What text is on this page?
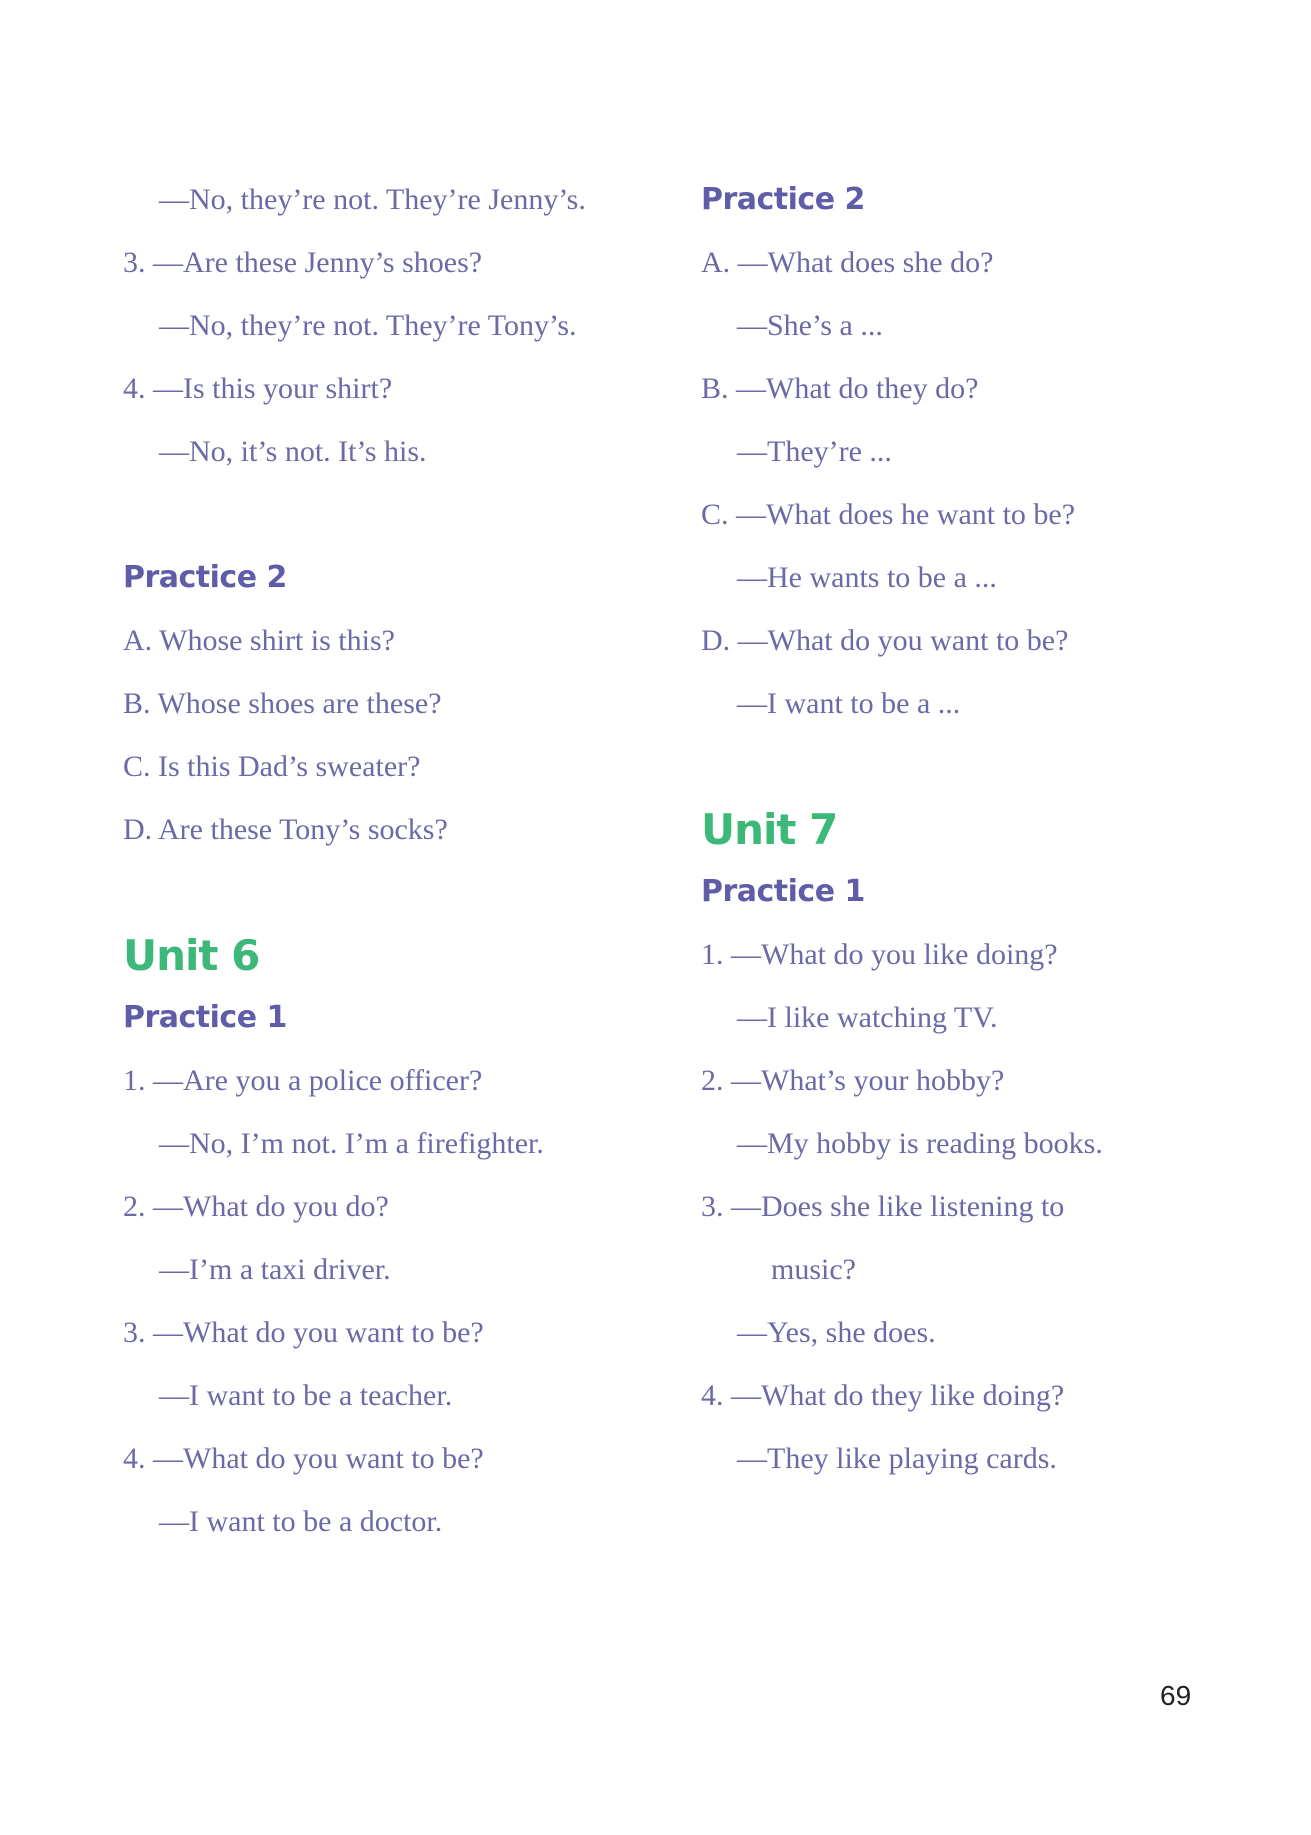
—No, they’re not. They’re Jenny’s.
3. —Are these Jenny’s shoes?
—No, they’re not. They’re Tony’s.
4. —Is this your shirt?
—No, it’s not. It’s his.
Practice 2
A. Whose shirt is this?
B. Whose shoes are these?
C. Is this Dad’s sweater?
D. Are these Tony’s socks?
Unit 6
Practice 1
1. —Are you a police officer?
—No, I’m not. I’m a firefighter.
2. —What do you do?
—I’m a taxi driver.
3. —What do you want to be?
—I want to be a teacher.
4. —What do you want to be?
—I want to be a doctor.
Practice 2
A. —What does she do?
—She’s a ...
B. —What do they do?
—They’re ...
C. —What does he want to be?
—He wants to be a ...
D. —What do you want to be?
—I want to be a ...
Unit 7
Practice 1
1. —What do you like doing?
—I like watching TV.
2. —What’s your hobby?
—My hobby is reading books.
3. —Does she like listening to
music?
—Yes, she does.
4. —What do they like doing?
—They like playing cards.
69
